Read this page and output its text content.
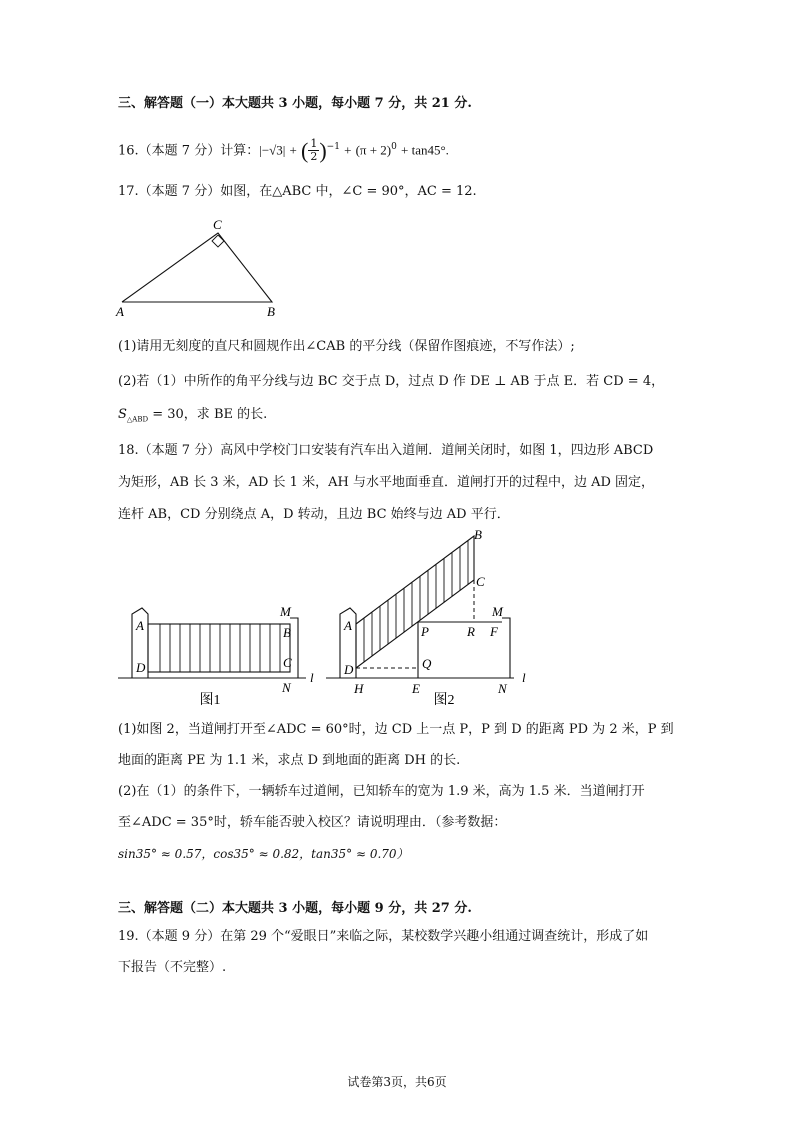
三、解答题（一）本大题共 3 小题，每小题 7 分，共 21 分.
16.（本题 7 分）计算：|−√3| + ( $\frac{1}{2} )^{-1} + (\pi + 2)^0 + \tan 45^\circ$.
17.（本题 7 分）如图，在△ABC 中，∠C = 90°，AC = 12.
C
A	B
(1)请用无刻度的直尺和圆规作出∠CAB 的平分线（保留作图痕迹，不写作法）;
(2)若（1）中所作的角平分线与边 BC 交于点 D，过点 D 作 DE ⊥ AB 于点 E．若 CD = 4，
$S_{\triangle ABD} = 30$，求 BE 的长.
18.（本题 7 分）高风中学校门口安装有汽车出入道闸．道闸关闭时，如图 1，四边形 ABCD
为矩形，AB 长 3 米，AD 长 1 米，AH 与水平地面垂直．道闸打开的过程中，边 AD 固定，
连杆 AB，CD 分别绕点 A，D 转动，且边 BC 始终与边 AD 平行．
A	B
C
D
M
N
l
图1
A
B
C
D
P	R F
M
Q
H	E	N
l
图2
(1)如图 2，当道闸打开至∠ADC = 60°时，边 CD 上一点 P，P 到 D 的距离 PD 为 2 米，P 到
地面的距离 PE 为 1.1 米，求点 D 到地面的距离 DH 的长.
(2)在（1）的条件下，一辆轿车过道闸，已知轿车的宽为 1.9 米，高为 1.5 米．当道闸打开
至∠ADC = 35°时，轿车能否驶入校区？请说明理由．（参考数据：
sin35° ≈ 0.57，cos35° ≈ 0.82，tan35° ≈ 0.70）
三、解答题（二）本大题共 3 小题，每小题 9 分，共 27 分.
19.（本题 9 分）在第 29 个“爱眼日”来临之际，某校数学兴趣小组通过调查统计，形成了如
下报告（不完整）.
试卷第3页，共6页
